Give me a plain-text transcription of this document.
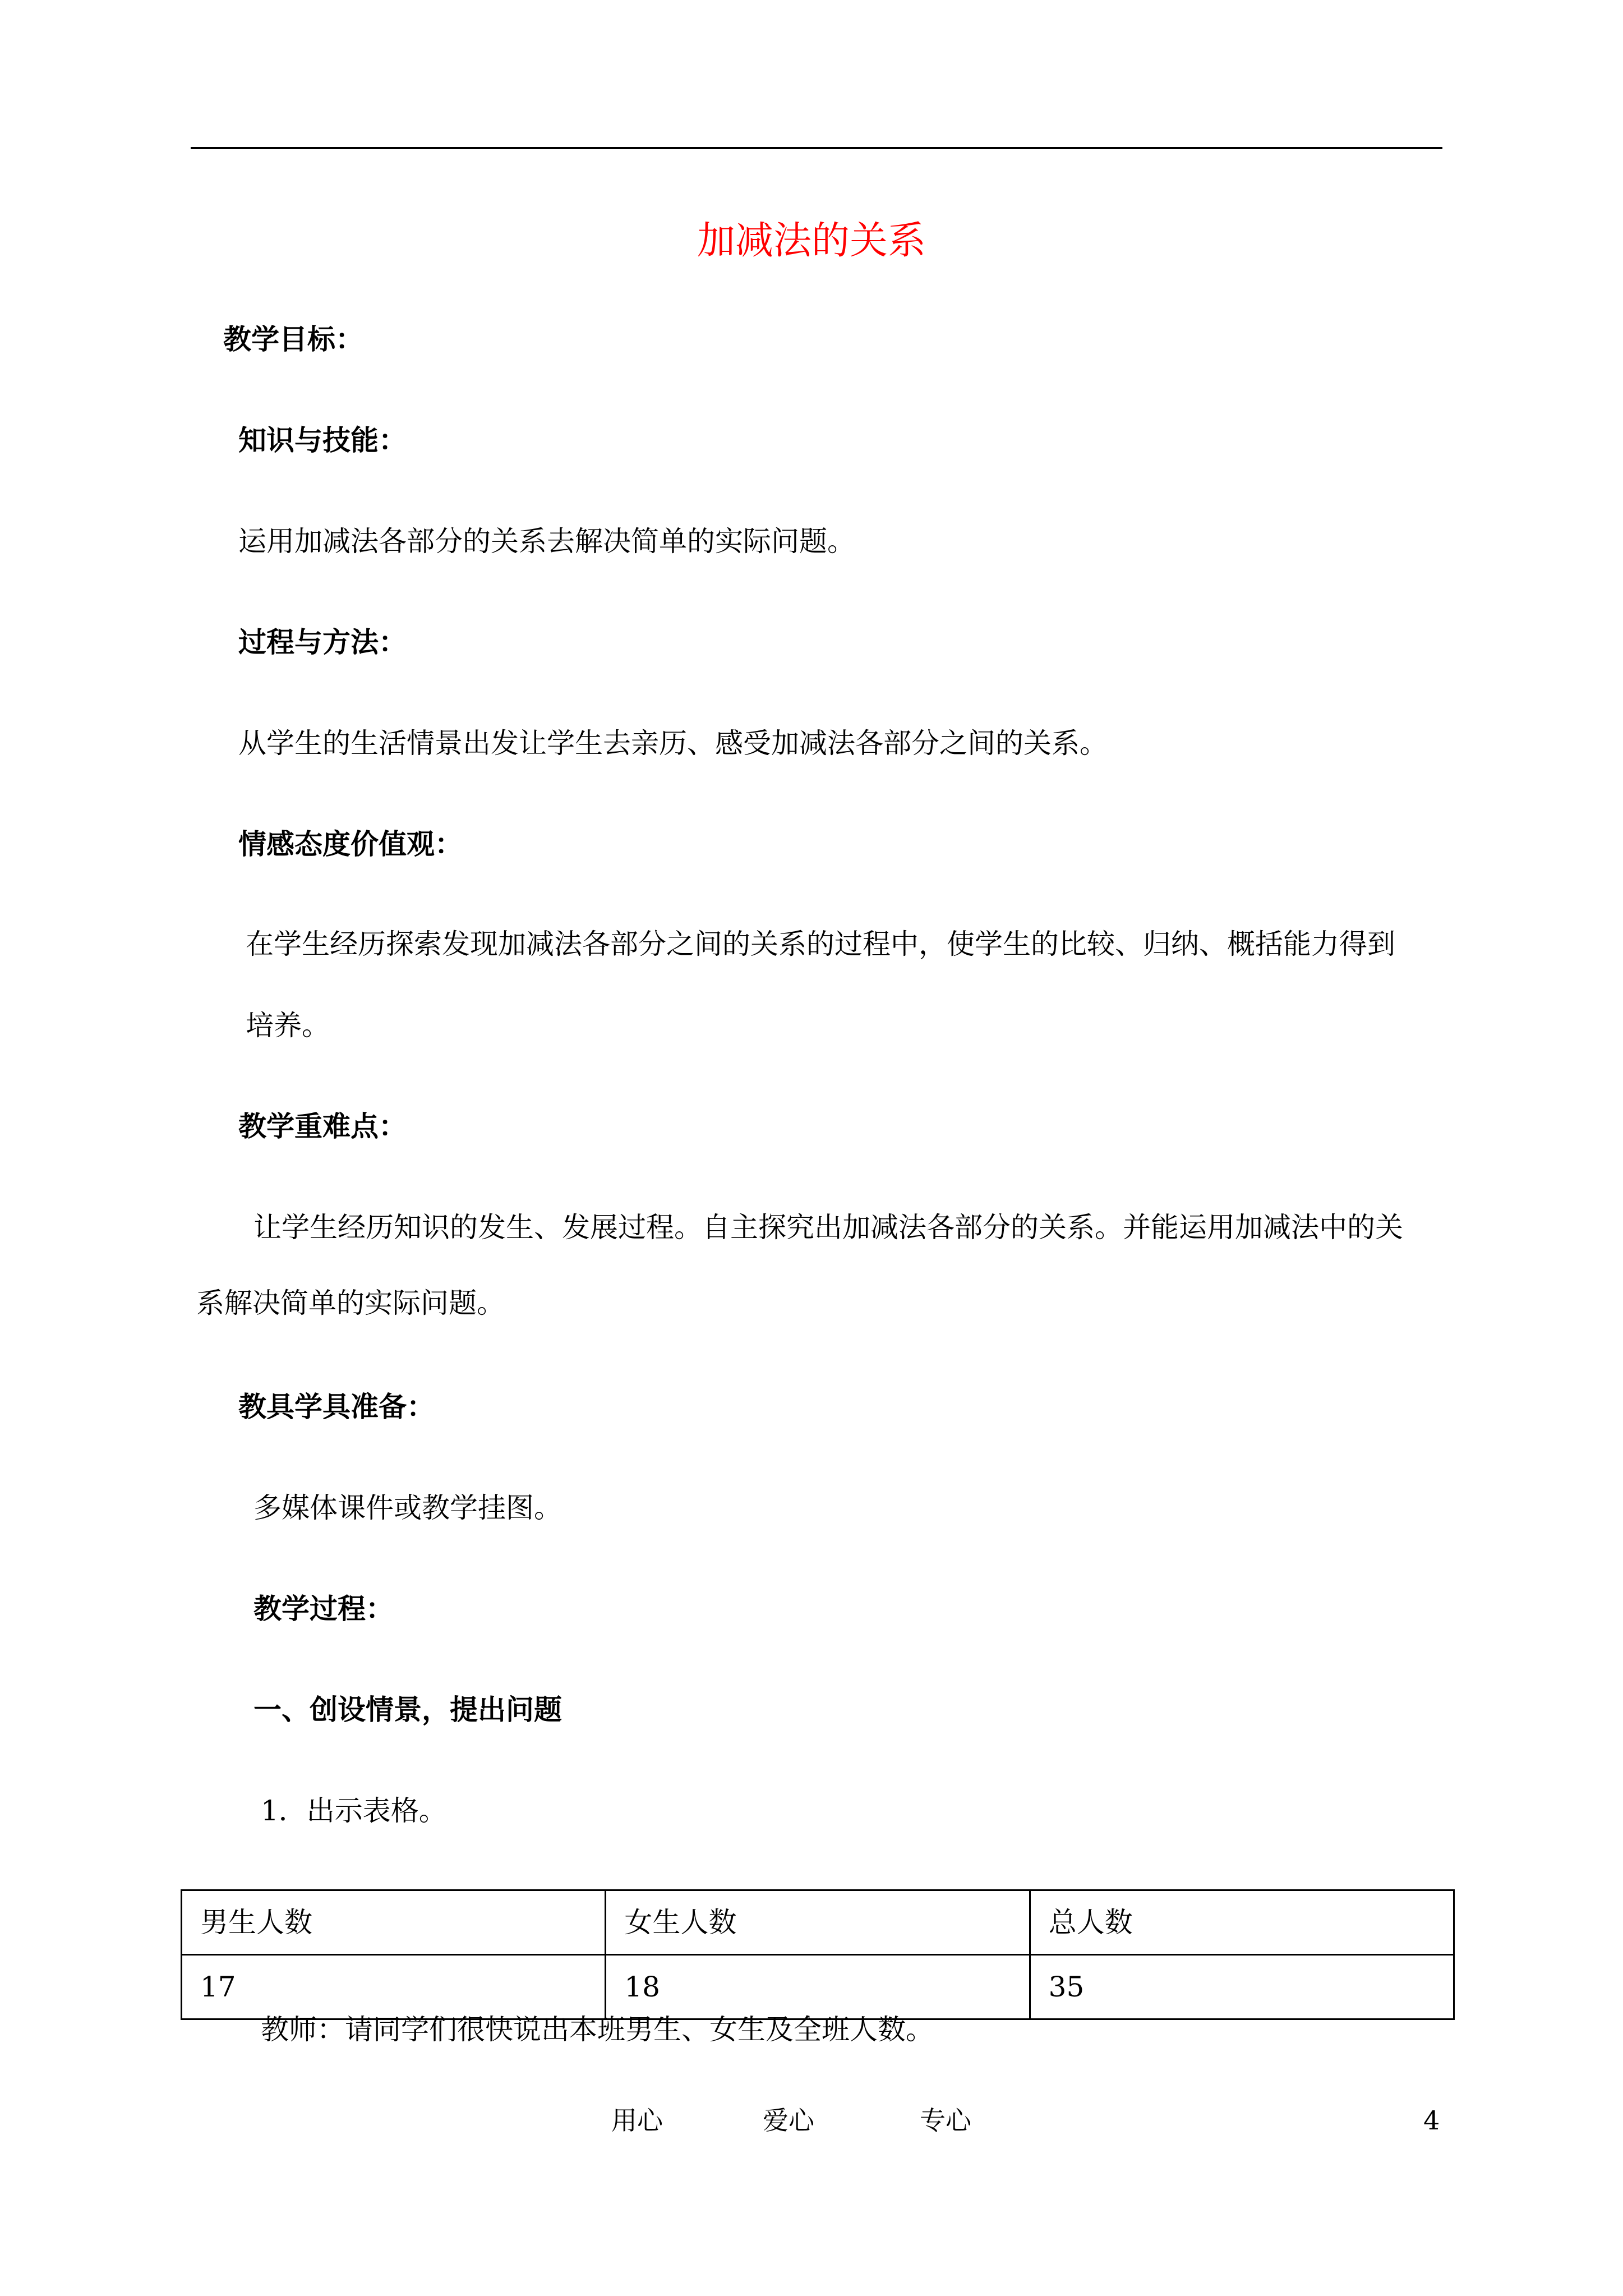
加减法的关系
教学目标：
知识与技能：
运用加减法各部分的关系去解决简单的实际问题。
过程与方法：
从学生的生活情景出发让学生去亲历、感受加减法各部分之间的关系。
情感态度价值观：
在学生经历探索发现加减法各部分之间的关系的过程中，使学生的比较、归纳、概括能力得到
培养。
教学重难点：
让学生经历知识的发生、发展过程。自主探究出加减法各部分的关系。并能运用加减法中的关
系解决简单的实际问题。
教具学具准备：
多媒体课件或教学挂图。
教学过程：
一、创设情景，提出问题
1．出示表格。
男生人数	女生人数	总人数
17	18	35
教师：请同学们很快说出本班男生、女生及全班人数。
用心	爱心	专心	4
